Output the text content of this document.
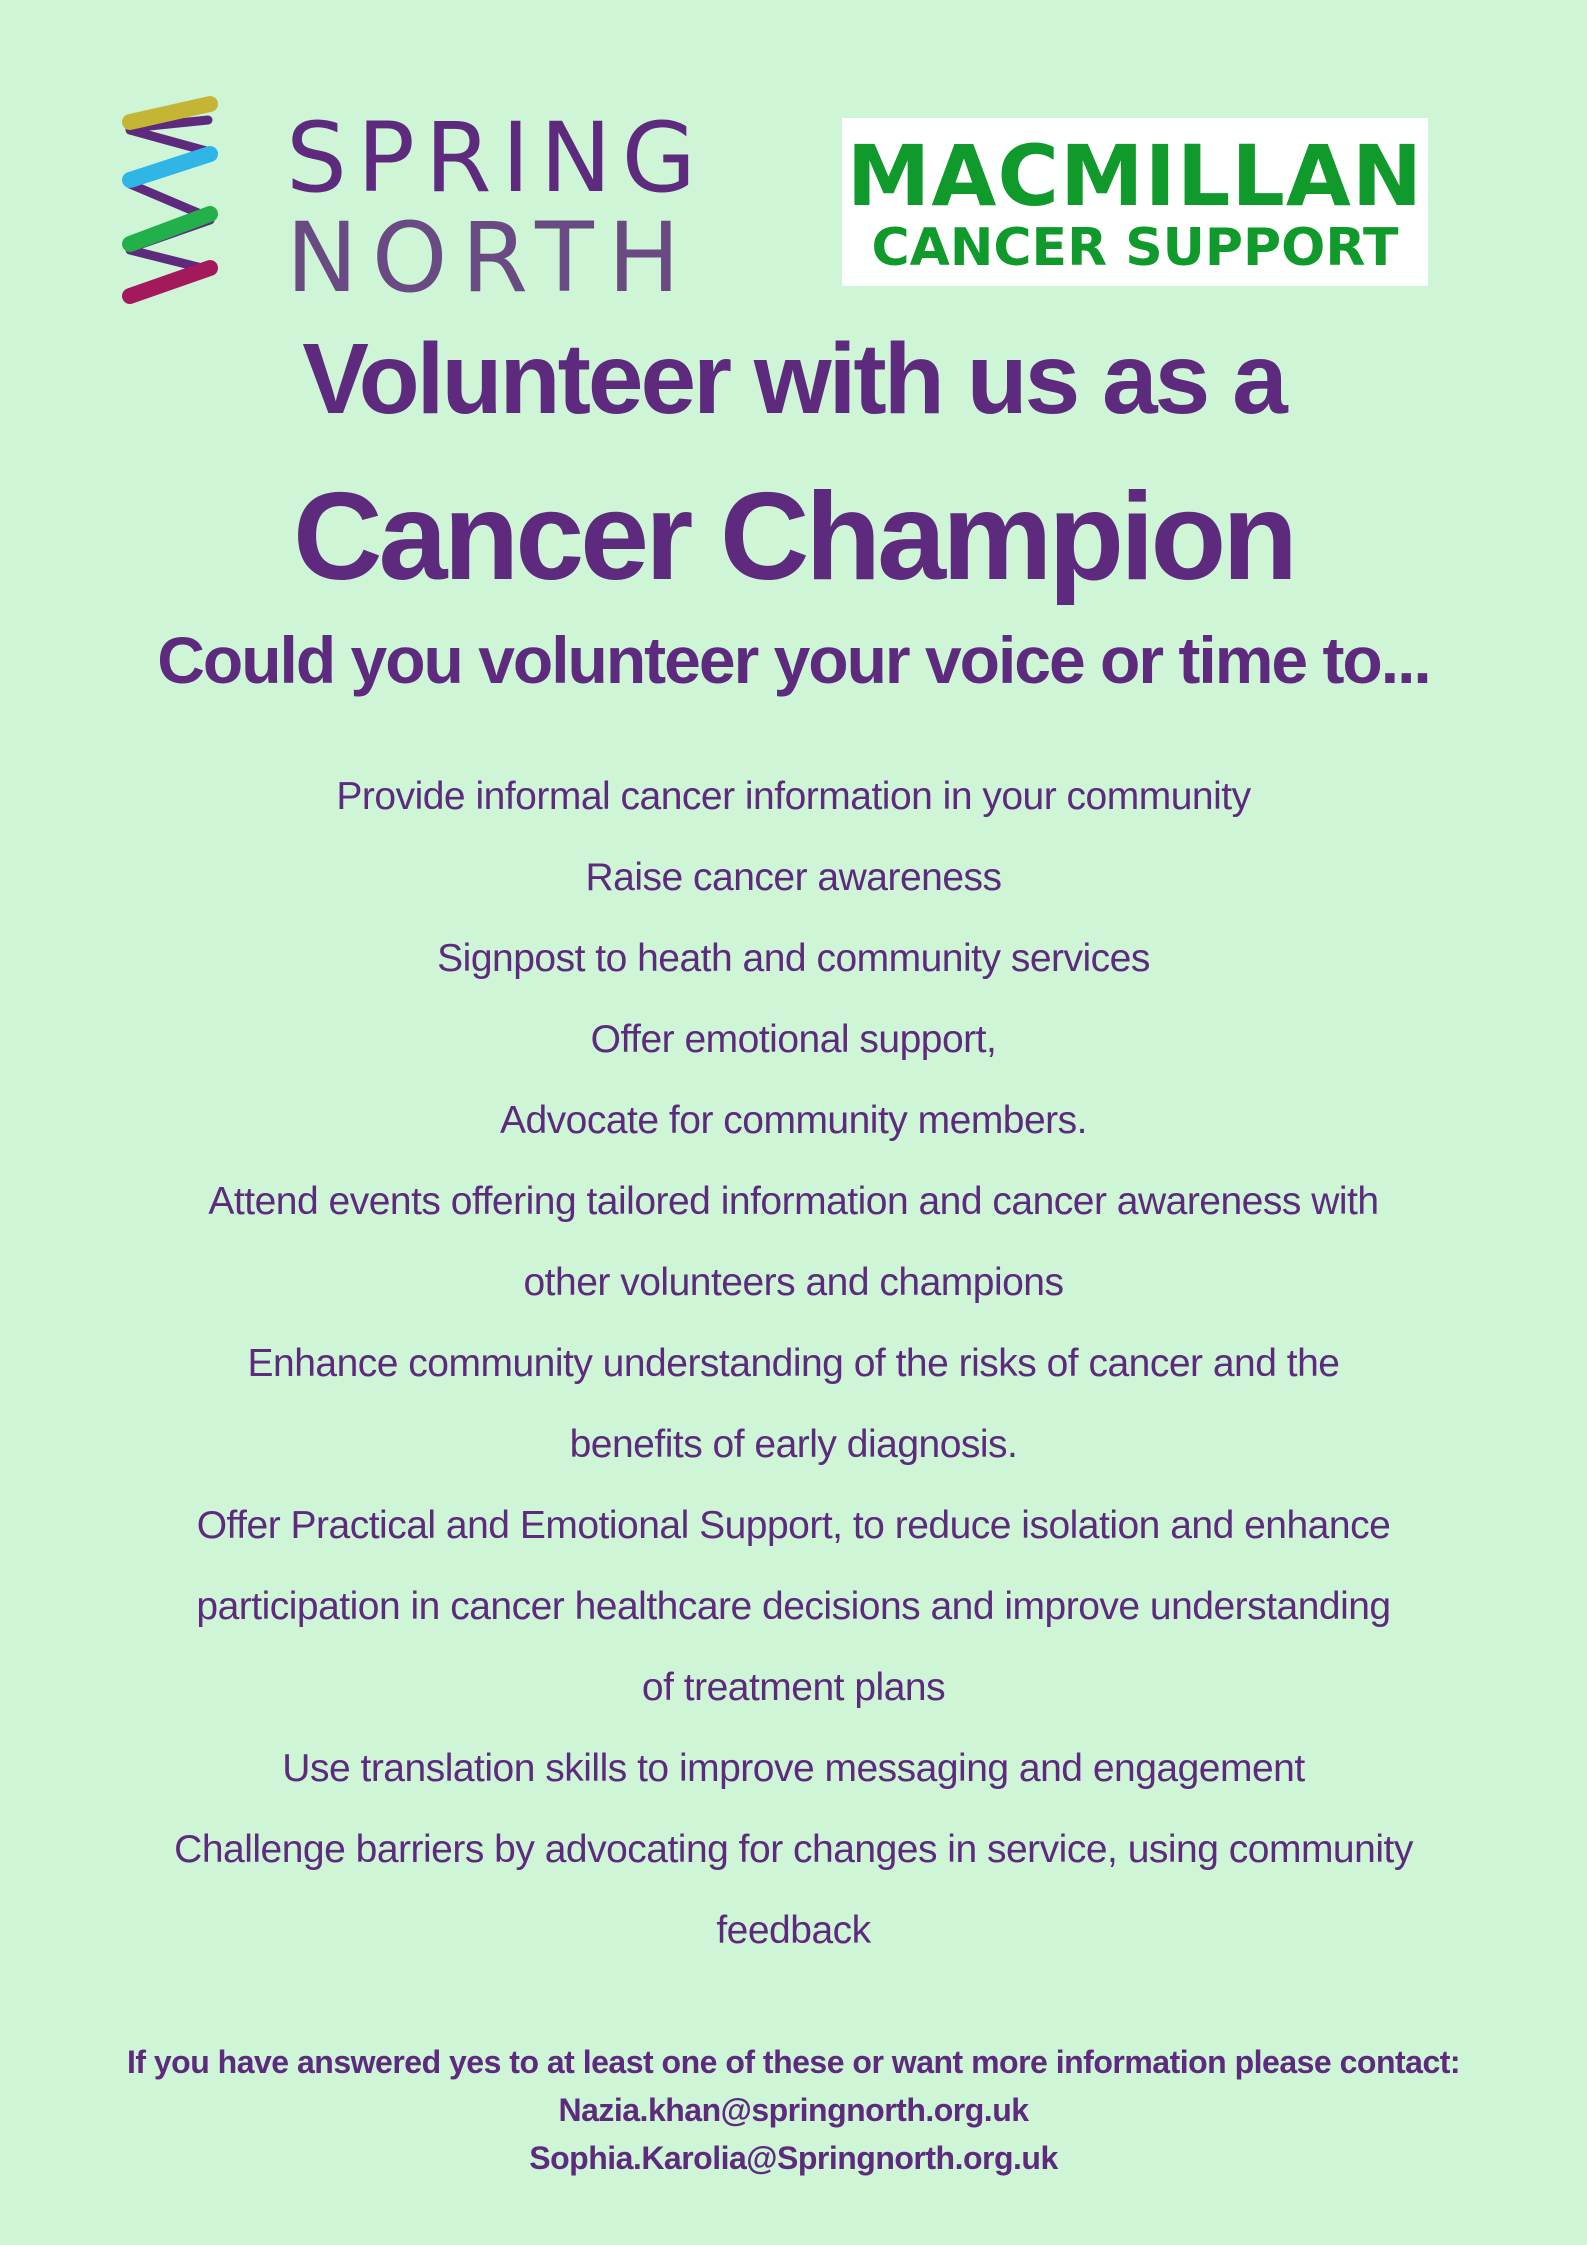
SPRING
NORTH
MACMILLAN
CANCER SUPPORT
Volunteer with us as a
Cancer Champion
Could you volunteer your voice or time to...
Provide informal cancer information in your community
Raise cancer awareness
Signpost to heath and community services
Offer emotional support,
Advocate for community members.
Attend events offering tailored information and cancer awareness with
other volunteers and champions
Enhance community understanding of the risks of cancer and the
benefits of early diagnosis.
Offer Practical and Emotional Support, to reduce isolation and enhance
participation in cancer healthcare decisions and improve understanding
of treatment plans
Use translation skills to improve messaging and engagement
Challenge barriers by advocating for changes in service, using community
feedback
If you have answered yes to at least one of these or want more information please contact:
Nazia.khan@springnorth.org.uk
Sophia.Karolia@Springnorth.org.uk
